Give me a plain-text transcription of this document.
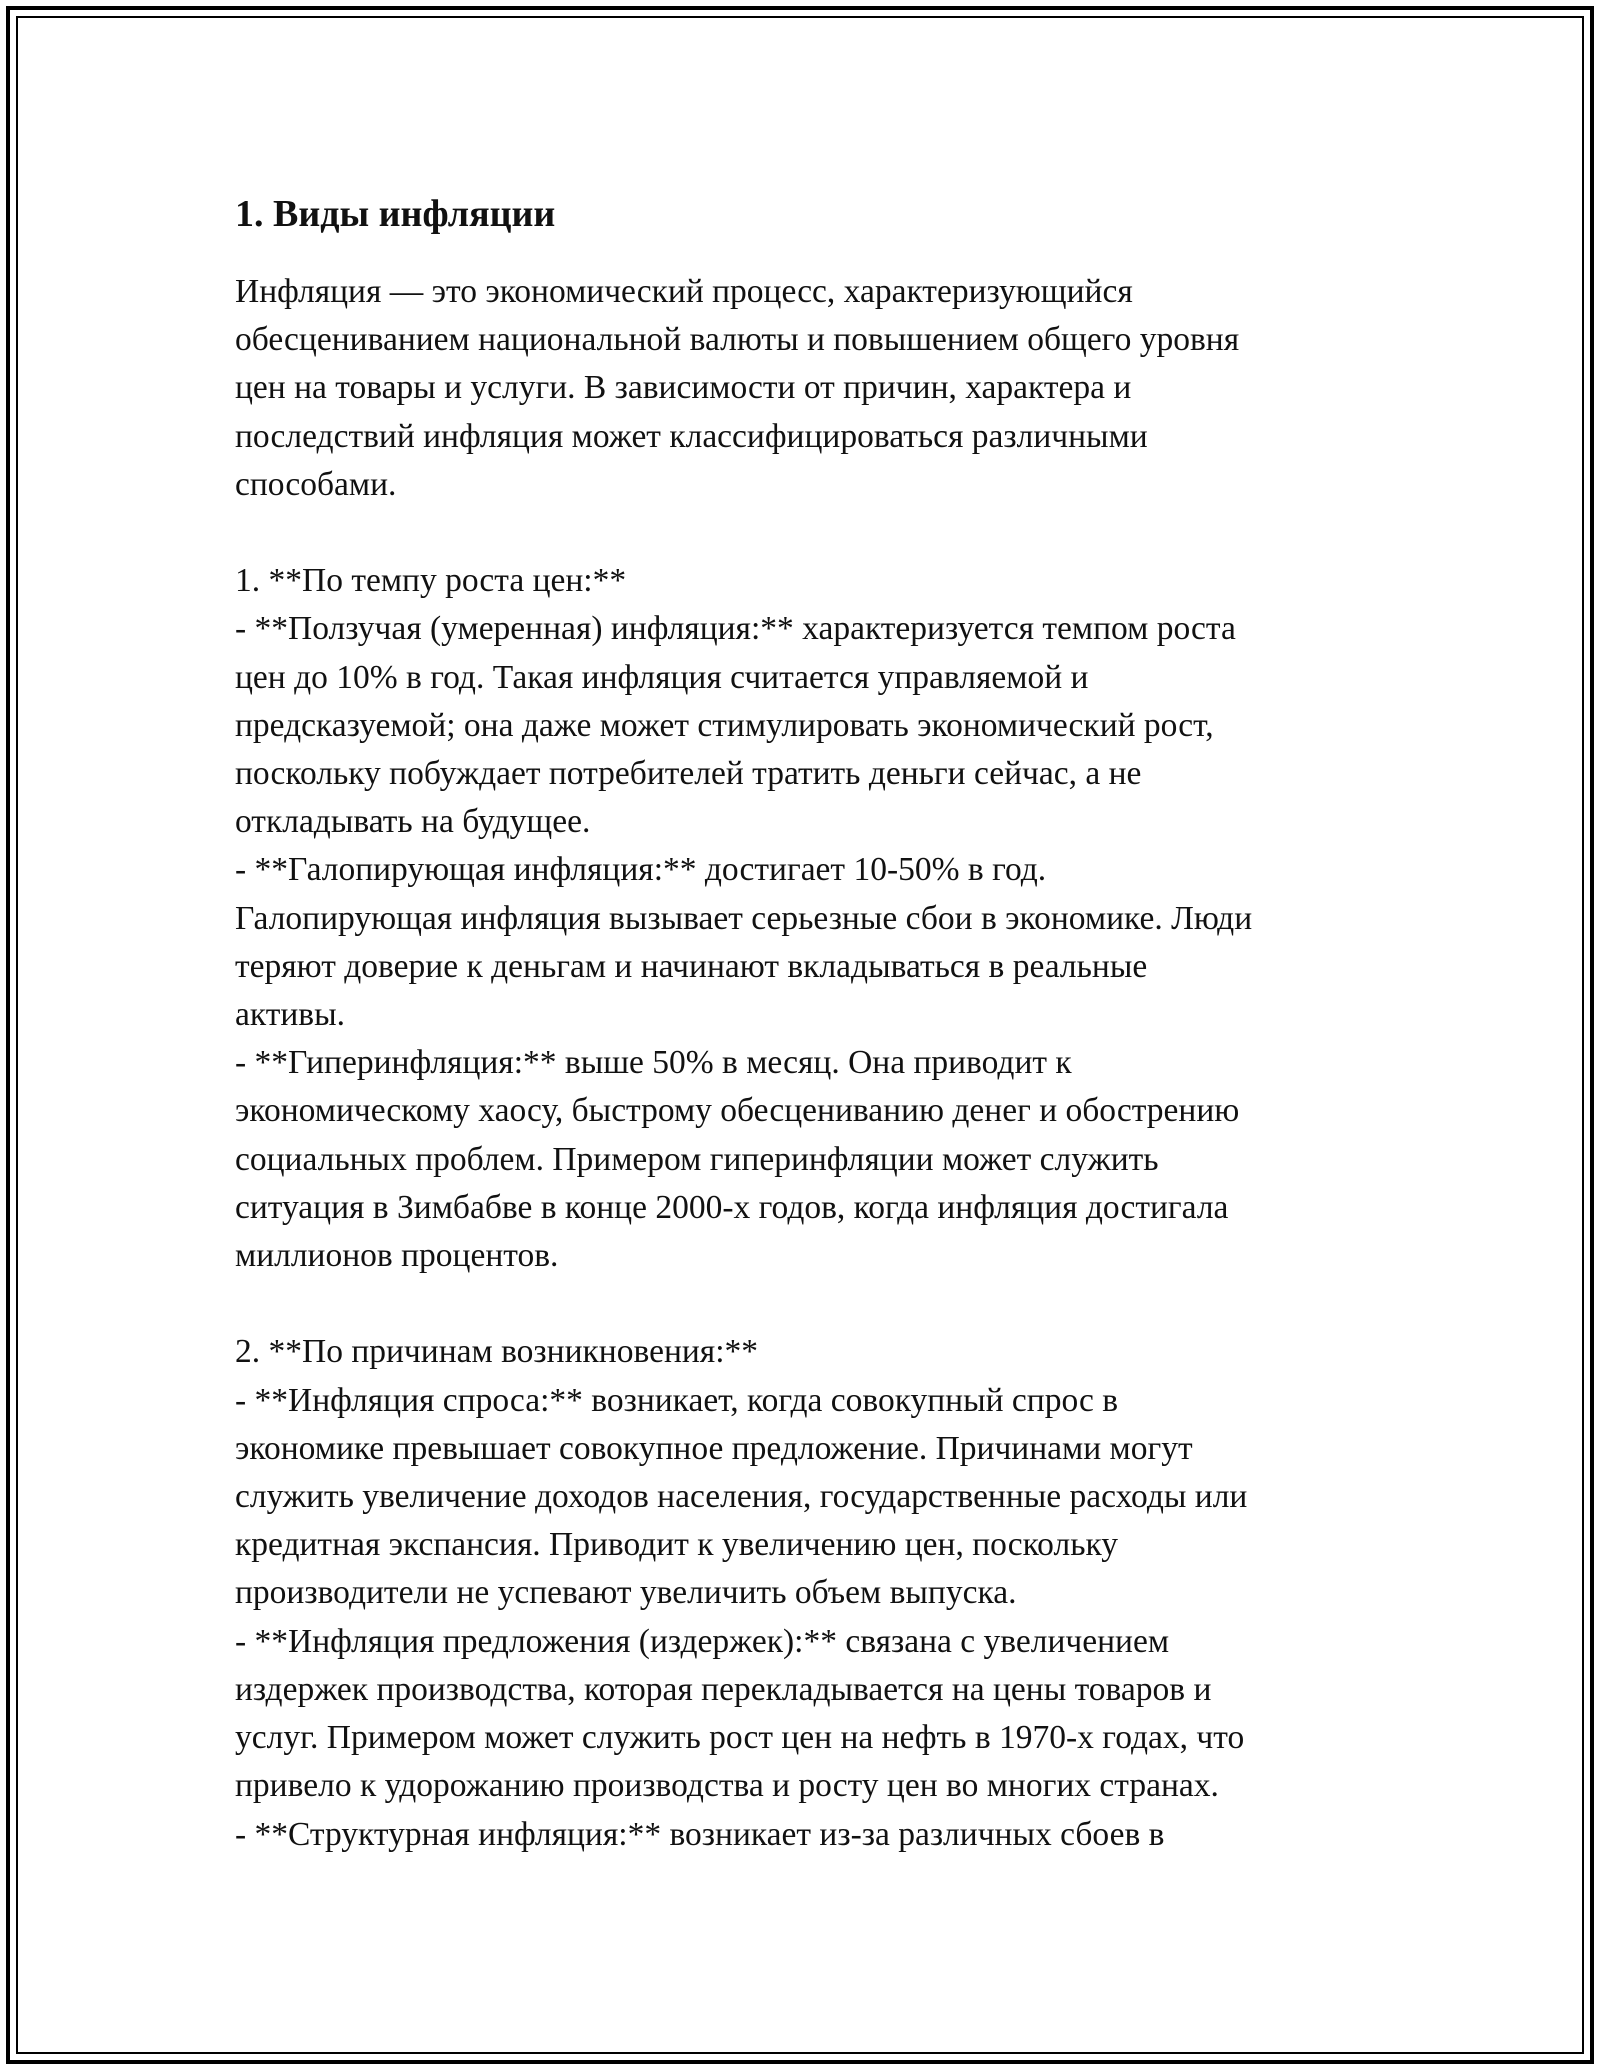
1. Виды инфляции

Инфляция — это экономический процесс, характеризующийся
обесцениванием национальной валюты и повышением общего уровня
цен на товары и услуги. В зависимости от причин, характера и
последствий инфляция может классифицироваться различными
способами.

1. **По темпу роста цен:**
- **Ползучая (умеренная) инфляция:** характеризуется темпом роста
цен до 10% в год. Такая инфляция считается управляемой и
предсказуемой; она даже может стимулировать экономический рост,
поскольку побуждает потребителей тратить деньги сейчас, а не
откладывать на будущее.
- **Галопирующая инфляция:** достигает 10-50% в год.
Галопирующая инфляция вызывает серьезные сбои в экономике. Люди
теряют доверие к деньгам и начинают вкладываться в реальные
активы.
- **Гиперинфляция:** выше 50% в месяц. Она приводит к
экономическому хаосу, быстрому обесцениванию денег и обострению
социальных проблем. Примером гиперинфляции может служить
ситуация в Зимбабве в конце 2000-х годов, когда инфляция достигала
миллионов процентов.

2. **По причинам возникновения:**
- **Инфляция спроса:** возникает, когда совокупный спрос в
экономике превышает совокупное предложение. Причинами могут
служить увеличение доходов населения, государственные расходы или
кредитная экспансия. Приводит к увеличению цен, поскольку
производители не успевают увеличить объем выпуска.
- **Инфляция предложения (издержек):** связана с увеличением
издержек производства, которая перекладывается на цены товаров и
услуг. Примером может служить рост цен на нефть в 1970-х годах, что
привело к удорожанию производства и росту цен во многих странах.
- **Структурная инфляция:** возникает из-за различных сбоев в
